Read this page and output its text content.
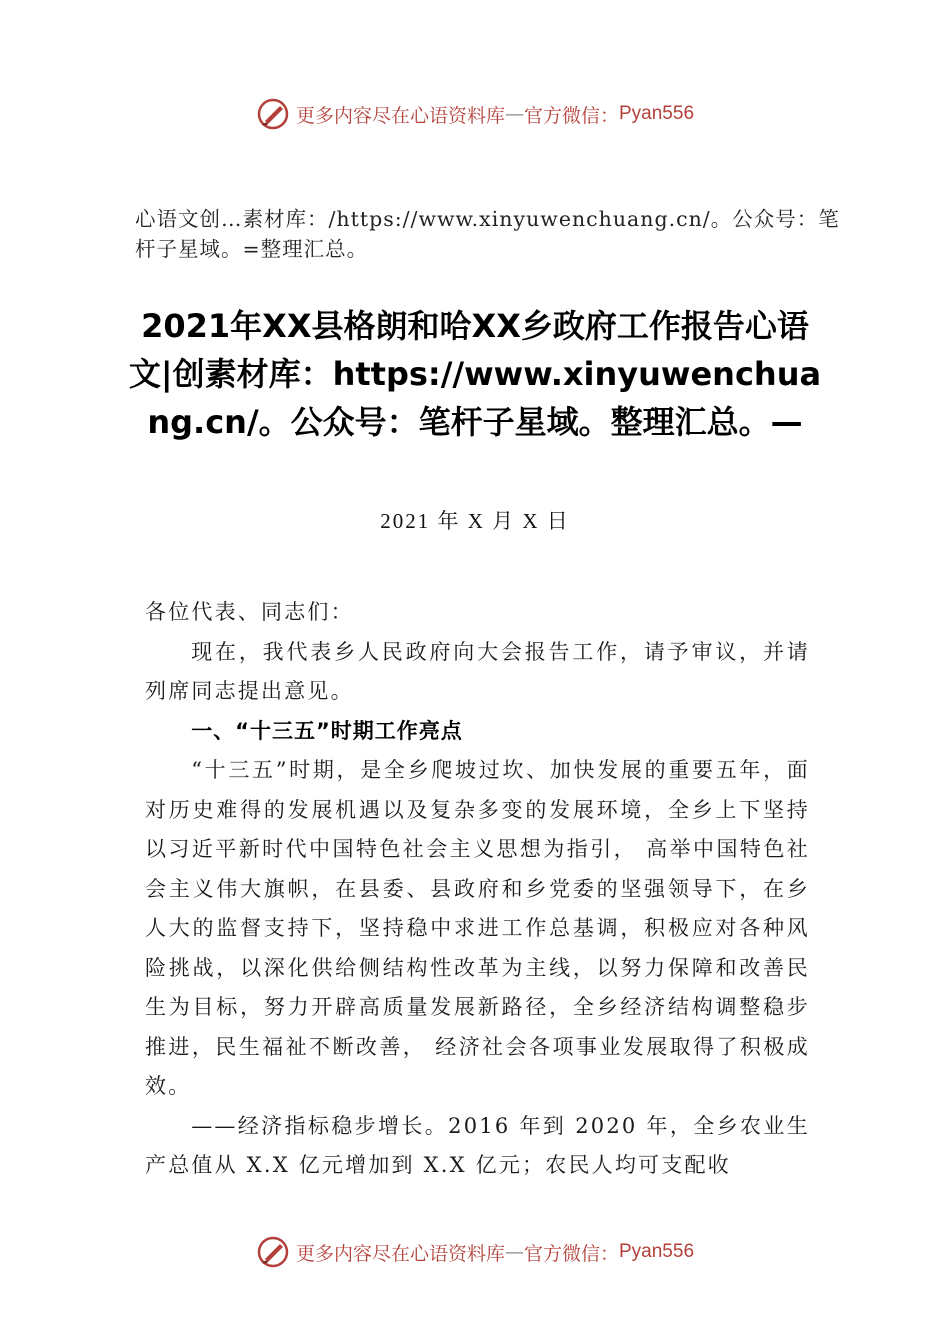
更多内容尽在心语资料库 — 官方微信： Pyan556

心语文创…素材库：/https://www.xinyuwenchuang.cn/。公众号：笔杆子星域。=整理汇总。

2021年XX县格朗和哈XX乡政府工作报告心语文|创素材库：https://www.xinyuwenchuang.cn/。公众号：笔杆子星域。整理汇总。—
2021 年 X 月 X 日

各位代表、同志们：

现在，我代表乡人民政府向大会报告工作，请予审议，并请列席同志提出意见。

一、“十三五”时期工作亮点

“十三五”时期，是全乡爬坡过坎、加快发展的重要五年，面对历史难得的发展机遇以及复杂多变的发展环境，全乡上下坚持以习近平新时代中国特色社会主义思想为指引， 高举中国特色社会主义伟大旗帜，在县委、县政府和乡党委的坚强领导下，在乡人大的监督支持下，坚持稳中求进工作总基调，积极应对各种风险挑战，以深化供给侧结构性改革为主线，以努力保障和改善民生为目标，努力开辟高质量发展新路径，全乡经济结构调整稳步推进，民生福祉不断改善， 经济社会各项事业发展取得了积极成效。

——经济指标稳步增长。2016 年到 2020 年，全乡农业生产总值从 X.X 亿元增加到 X.X 亿元；农民人均可支配收

更多内容尽在心语资料库 — 官方微信： Pyan556
